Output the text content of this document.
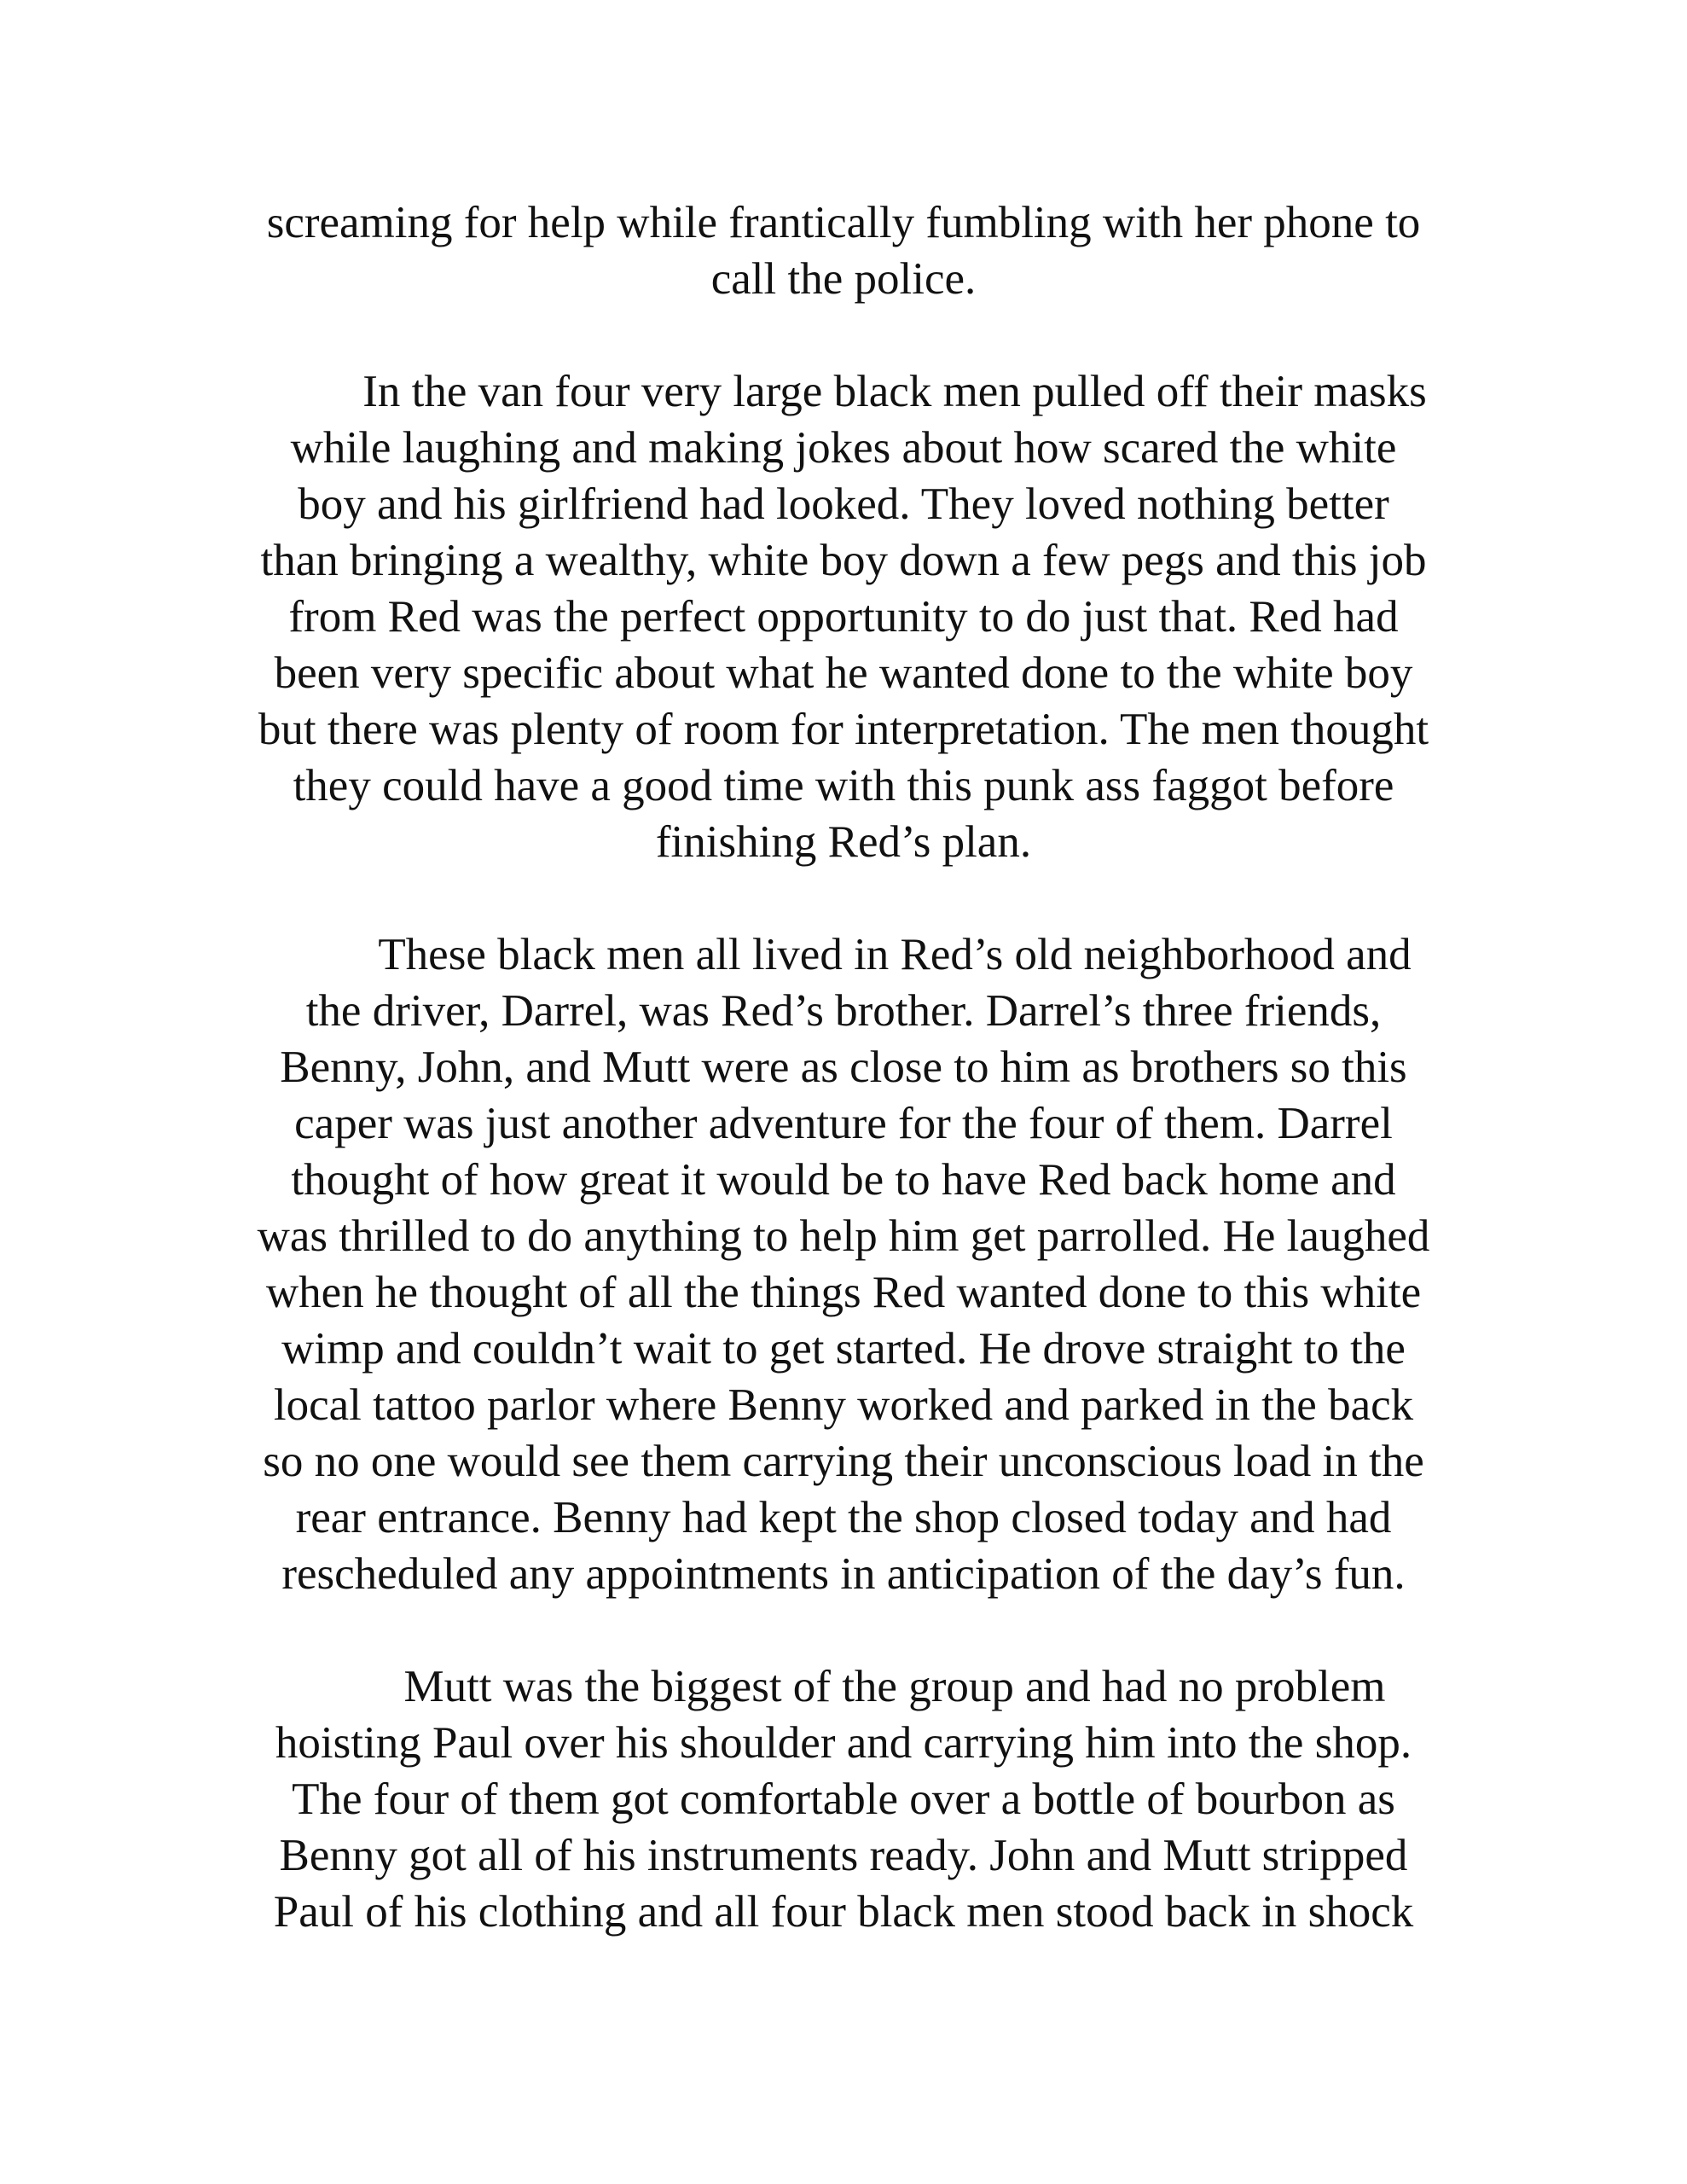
screaming for help while frantically fumbling with her phone to
call the police.
In the van four very large black men pulled off their masks
while laughing and making jokes about how scared the white
boy and his girlfriend had looked. They loved nothing better
than bringing a wealthy, white boy down a few pegs and this job
from Red was the perfect opportunity to do just that. Red had
been very specific about what he wanted done to the white boy
but there was plenty of room for interpretation. The men thought
they could have a good time with this punk ass faggot before
finishing Red’s plan.
These black men all lived in Red’s old neighborhood and
the driver, Darrel, was Red’s brother. Darrel’s three friends,
Benny, John, and Mutt were as close to him as brothers so this
caper was just another adventure for the four of them. Darrel
thought of how great it would be to have Red back home and
was thrilled to do anything to help him get parrolled. He laughed
when he thought of all the things Red wanted done to this white
wimp and couldn’t wait to get started. He drove straight to the
local tattoo parlor where Benny worked and parked in the back
so no one would see them carrying their unconscious load in the
rear entrance. Benny had kept the shop closed today and had
rescheduled any appointments in anticipation of the day’s fun.
Mutt was the biggest of the group and had no problem
hoisting Paul over his shoulder and carrying him into the shop.
The four of them got comfortable over a bottle of bourbon as
Benny got all of his instruments ready. John and Mutt stripped
Paul of his clothing and all four black men stood back in shock
